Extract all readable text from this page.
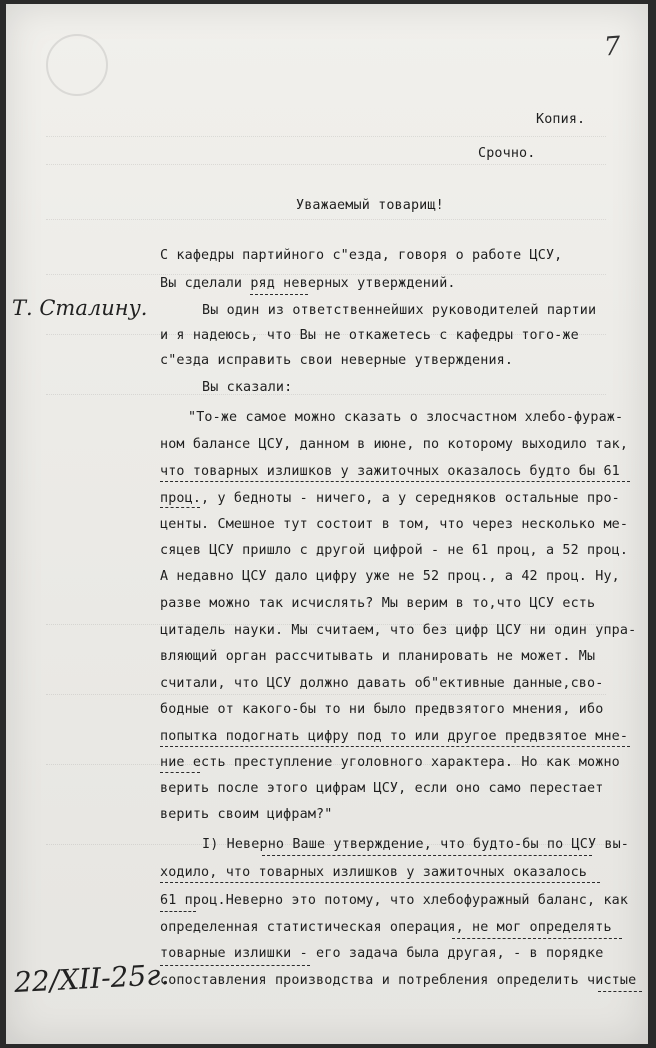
7
Копия.
Срочно.
Уважаемый товарищ!
Т. Сталину.
С кафедры партийного с"езда, говоря о работе ЦСУ,
Вы сделали ряд неверных утверждений.
Вы один из ответственнейших руководителей партии
и я надеюсь, что Вы не откажетесь с кафедры того-же
с"езда исправить свои неверные утверждения.
Вы сказали:
"То-же самое можно сказать о злосчастном хлебо-фураж-
ном балансе ЦСУ, данном в июне, по которому выходило так,
что товарных излишков у зажиточных оказалось будто бы 61
проц., у бедноты - ничего, а у середняков остальные про-
центы. Смешное тут состоит в том, что через несколько ме-
сяцев ЦСУ пришло с другой цифрой - не 61 проц, а 52 проц.
А недавно ЦСУ дало цифру уже не 52 проц., а 42 проц. Ну,
разве можно так исчислять? Мы верим в то,что ЦСУ есть
цитадель науки. Мы считаем, что без цифр ЦСУ ни один упра-
вляющий орган рассчитывать и планировать не может. Мы
считали, что ЦСУ должно давать об"ективные данные,сво-
бодные от какого-бы то ни было предвзятого мнения, ибо
попытка подогнать цифру под то или другое предвзятое мне-
ние есть преступление уголовного характера. Но как можно
верить после этого цифрам ЦСУ, если оно само перестает
верить своим цифрам?"
I) Неверно Ваше утверждение, что будто-бы по ЦСУ вы-
ходило, что товарных излишков у зажиточных оказалось
61 проц.Неверно это потому, что хлебофуражный баланс, как
определенная статистическая операция, не мог определять
товарные излишки - его задача была другая, - в порядке
сопоставления производства и потребления определить чистые
22/XII-25г.
